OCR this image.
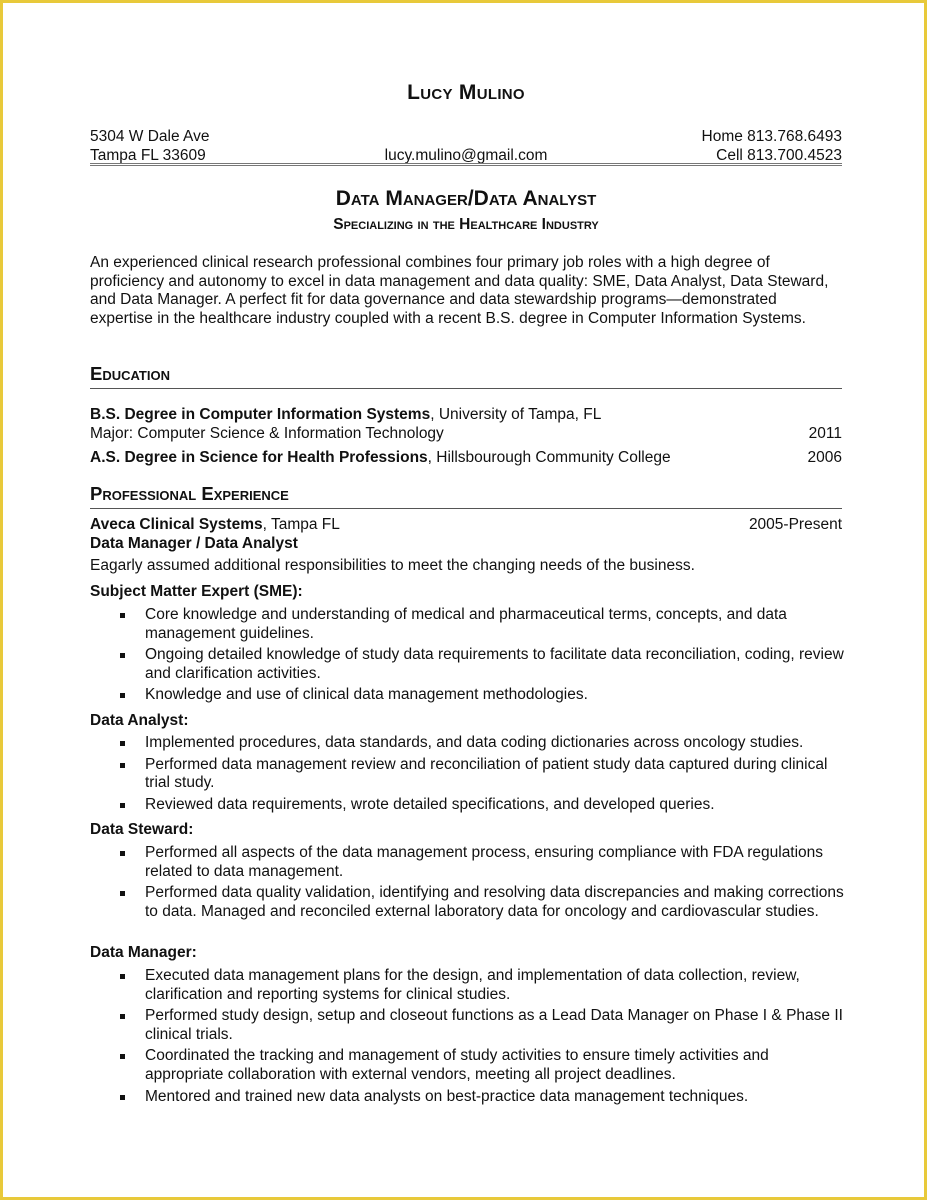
Lucy Mulino
5304 W Dale Ave	Home 813.768.6493
Tampa FL 33609	lucy.mulino@gmail.com	Cell 813.700.4523
Data Manager/Data Analyst
Specializing in the Healthcare Industry
An experienced clinical research professional combines four primary job roles with a high degree of proficiency and autonomy to excel in data management and data quality: SME, Data Analyst, Data Steward, and Data Manager. A perfect fit for data governance and data stewardship programs—demonstrated expertise in the healthcare industry coupled with a recent B.S. degree in Computer Information Systems.
Education
B.S. Degree in Computer Information Systems, University of Tampa, FL
Major: Computer Science & Information Technology	2011
A.S. Degree in Science for Health Professions, Hillsbourough Community College	2006
Professional Experience
Aveca Clinical Systems, Tampa FL	2005-Present
Data Manager / Data Analyst
Eagarly assumed additional responsibilities to meet the changing needs of the business.
Subject Matter Expert (SME):
Core knowledge and understanding of medical and pharmaceutical terms, concepts, and data management guidelines.
Ongoing detailed knowledge of study data requirements to facilitate data reconciliation, coding, review and clarification activities.
Knowledge and use of clinical data management methodologies.
Data Analyst:
Implemented procedures, data standards, and data coding dictionaries across oncology studies.
Performed data management review and reconciliation of patient study data captured during clinical trial study.
Reviewed data requirements, wrote detailed specifications, and developed queries.
Data Steward:
Performed all aspects of the data management process, ensuring compliance with FDA regulations related to data management.
Performed data quality validation, identifying and resolving data discrepancies and making corrections to data. Managed and reconciled external laboratory data for oncology and cardiovascular studies.
Data Manager:
Executed data management plans for the design, and implementation of data collection, review, clarification and reporting systems for clinical studies.
Performed study design, setup and closeout functions as a Lead Data Manager on Phase I & Phase II clinical trials.
Coordinated the tracking and management of study activities to ensure timely activities and appropriate collaboration with external vendors, meeting all project deadlines.
Mentored and trained new data analysts on best-practice data management techniques.
